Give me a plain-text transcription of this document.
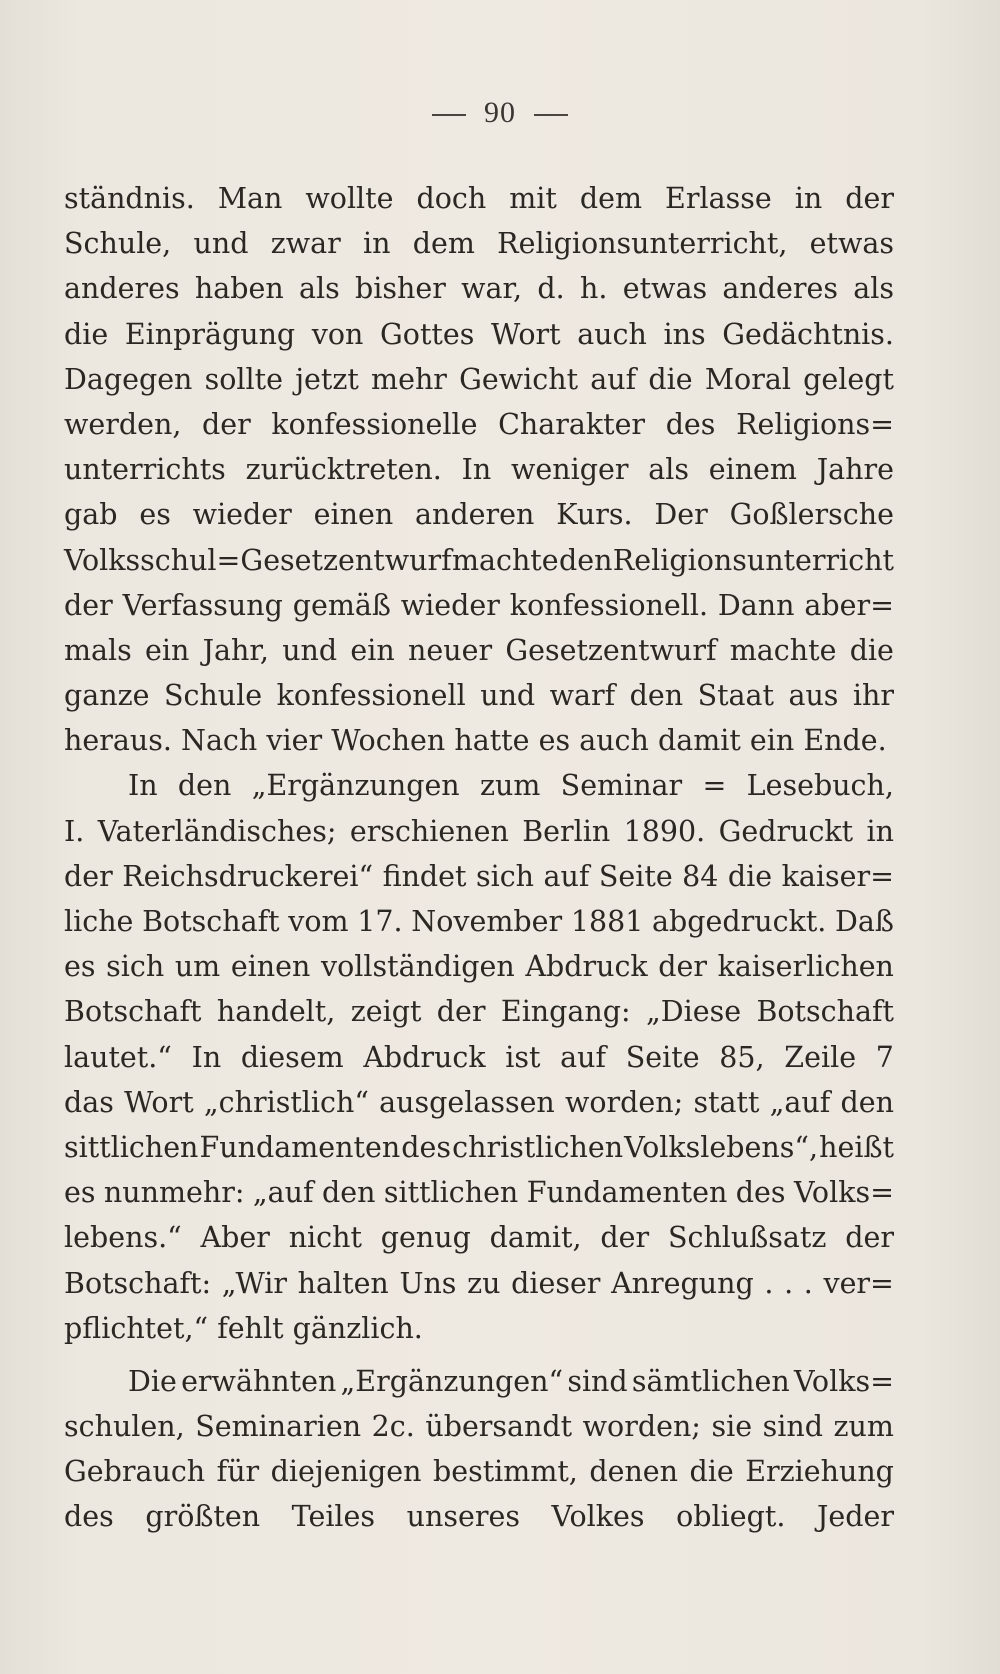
90
ständnis. Man wollte doch mit dem Erlasse in der
Schule, und zwar in dem Religionsunterricht, etwas
anderes haben als bisher war, d. h. etwas anderes als
die Einprägung von Gottes Wort auch ins Gedächtnis.
Dagegen sollte jetzt mehr Gewicht auf die Moral gelegt
werden, der konfessionelle Charakter des Religions=
unterrichts zurücktreten. In weniger als einem Jahre
gab es wieder einen anderen Kurs. Der Goßlersche
Volksschul=Gesetzentwurf machte den Religionsunterricht
der Verfassung gemäß wieder konfessionell. Dann aber=
mals ein Jahr, und ein neuer Gesetzentwurf machte die
ganze Schule konfessionell und warf den Staat aus ihr
heraus. Nach vier Wochen hatte es auch damit ein Ende.
In den „Ergänzungen zum Seminar = Lesebuch,
I. Vaterländisches; erschienen Berlin 1890. Gedruckt in
der Reichsdruckerei“ findet sich auf Seite 84 die kaiser=
liche Botschaft vom 17. November 1881 abgedruckt. Daß
es sich um einen vollständigen Abdruck der kaiserlichen
Botschaft handelt, zeigt der Eingang: „Diese Botschaft
lautet.“ In diesem Abdruck ist auf Seite 85, Zeile 7
das Wort „christlich“ ausgelassen worden; statt „auf den
sittlichen Fundamenten des christlichen Volkslebens“, heißt
es nunmehr: „auf den sittlichen Fundamenten des Volks=
lebens.“ Aber nicht genug damit, der Schlußsatz der
Botschaft: „Wir halten Uns zu dieser Anregung . . . ver=
pflichtet,“ fehlt gänzlich.
Die erwähnten „Ergänzungen“ sind sämtlichen Volks=
schulen, Seminarien 2c. übersandt worden; sie sind zum
Gebrauch für diejenigen bestimmt, denen die Erziehung
des größten Teiles unseres Volkes obliegt. Jeder
